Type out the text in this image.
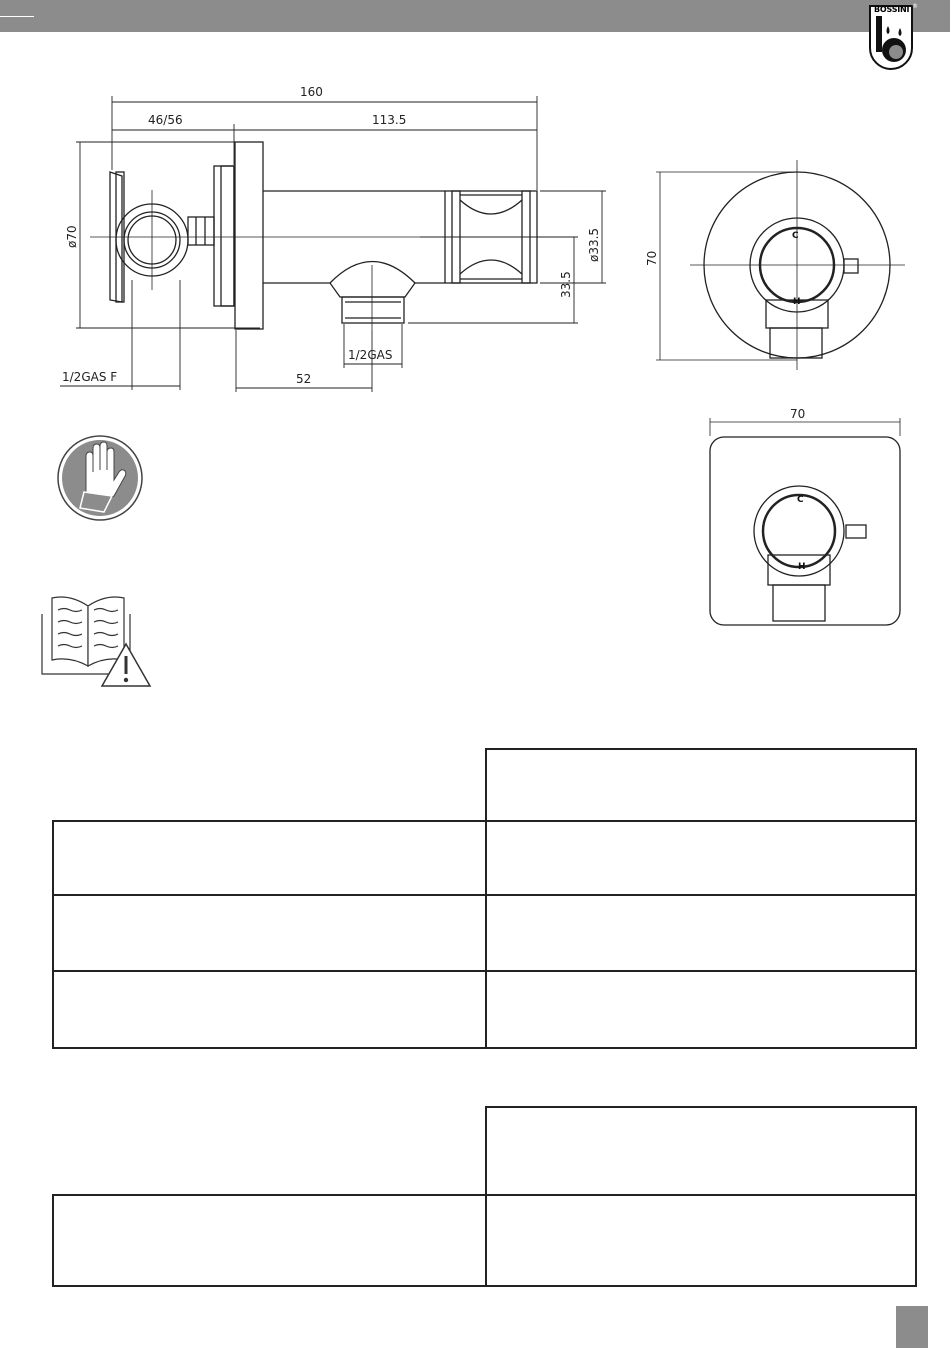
BOSSINI ®
160
46/56	113.5
ø70	ø33.5
33.5
1/2GAS
1/2GAS F	52
70
C
H
70
C
H
